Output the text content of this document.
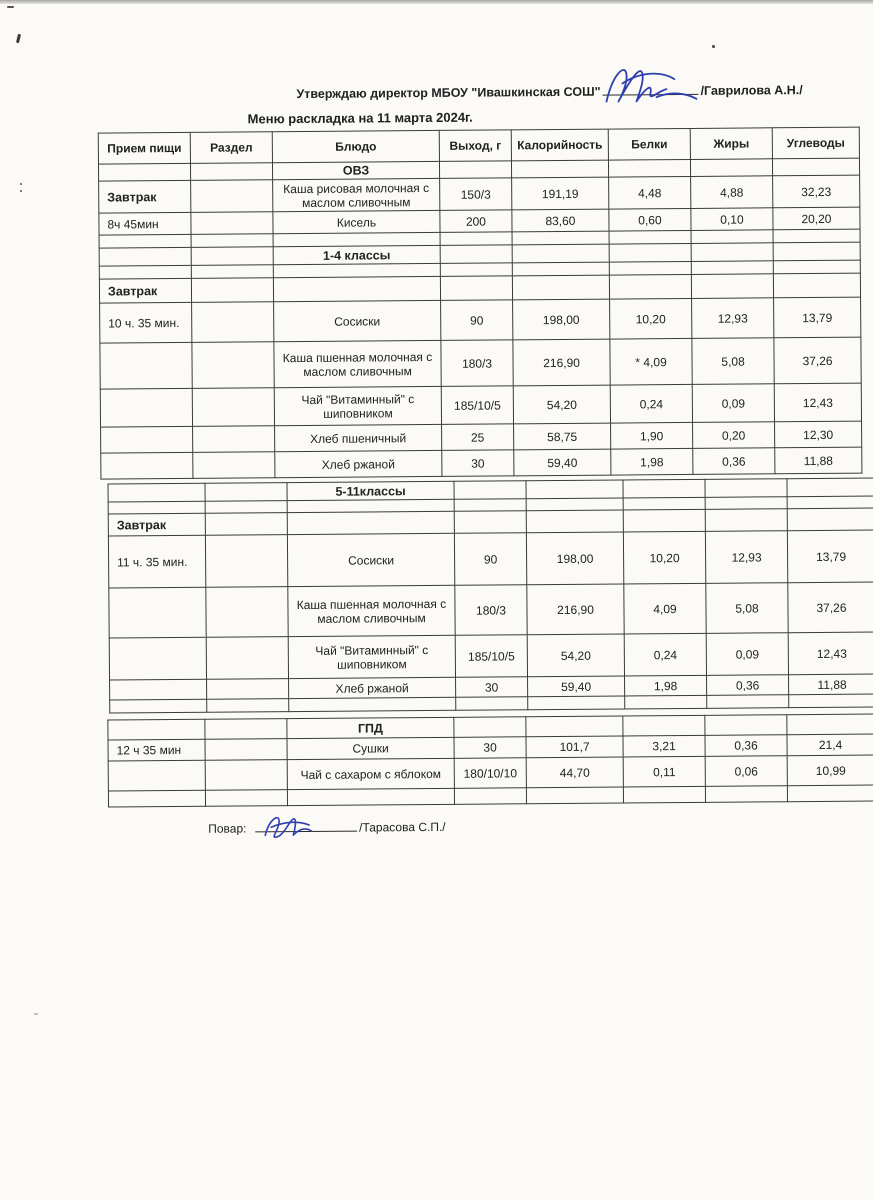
Утверждаю директор МБОУ "Ивашкинская СОШ"	/Гаврилова А.Н./
Меню раскладка на 11 марта 2024г.
Прием пищи	Раздел	Блюдо	Выход, г	Калорийность	Белки	Жиры	Углеводы
		ОВЗ					
Завтрак		Каша рисовая молочная с маслом сливочным	150/3	191,19	4,48	4,88	32,23
8ч 45мин		Кисель	200	83,60	0,60	0,10	20,20

		1-4 классы					

Завтрак							
10 ч. 35 мин.		Сосиски	90	198,00	10,20	12,93	13,79
		Каша пшенная молочная с маслом сливочным	180/3	216,90	* 4,09	5,08	37,26
		Чай "Витаминный" с шиповником	185/10/5	54,20	0,24	0,09	12,43
		Хлеб пшеничный	25	58,75	1,90	0,20	12,30
		Хлеб ржаной	30	59,40	1,98	0,36	11,88
		5-11классы					

Завтрак							
11 ч. 35 мин.		Сосиски	90	198,00	10,20	12,93	13,79
		Каша пшенная молочная с маслом сливочным	180/3	216,90	4,09	5,08	37,26
		Чай "Витаминный" с шиповником	185/10/5	54,20	0,24	0,09	12,43
		Хлеб ржаной	30	59,40	1,98	0,36	11,88

		ГПД					
12 ч 35 мин		Сушки	30	101,7	3,21	0,36	21,4
		Чай с сахаром с яблоком	180/10/10	44,70	0,11	0,06	10,99

Повар:	/Тарасова С.П./
